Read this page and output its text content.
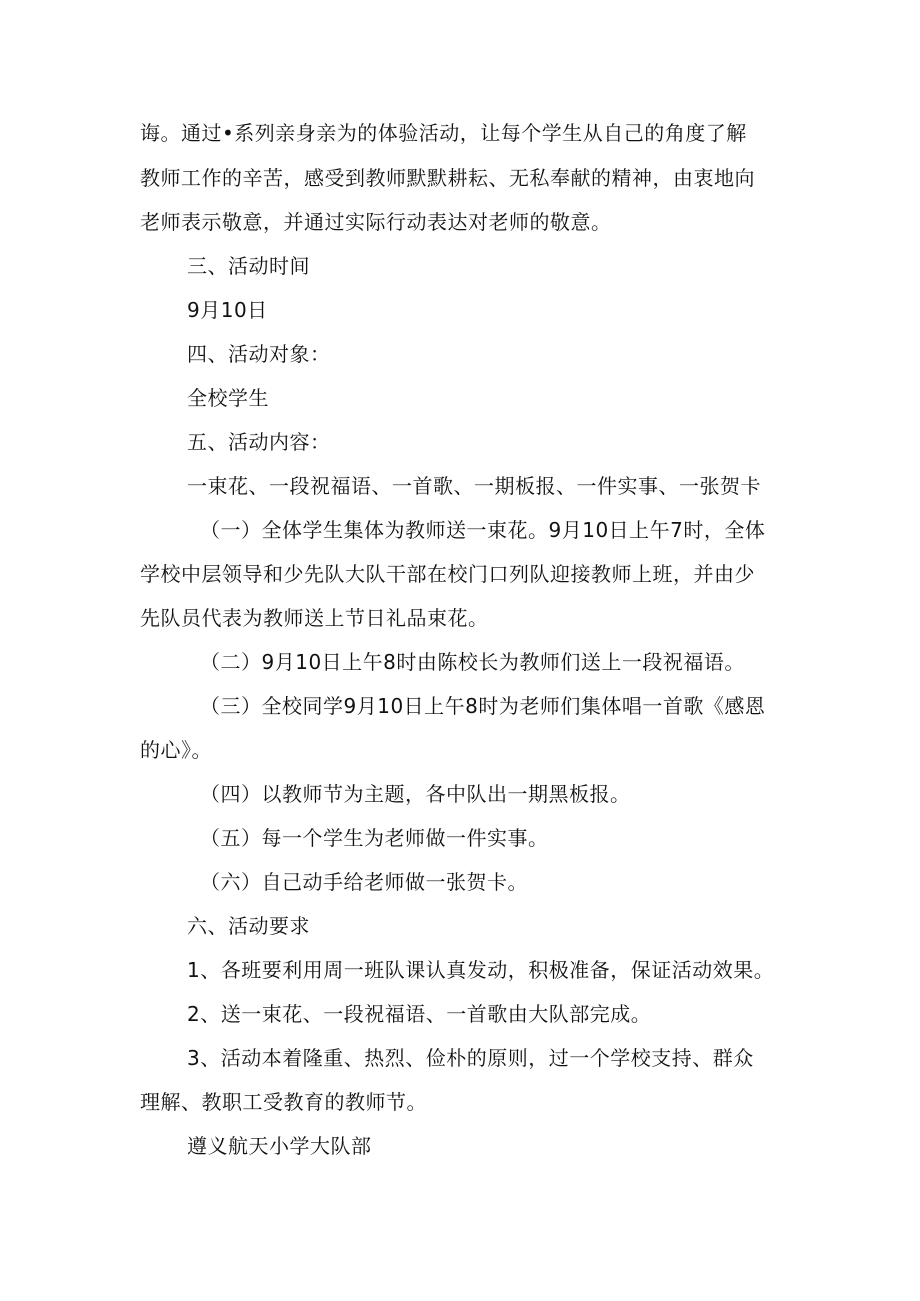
诲。通过•系列亲身亲为的体验活动，让每个学生从自己的角度了解
教师工作的辛苦，感受到教师默默耕耘、无私奉献的精神，由衷地向
老师表示敬意，并通过实际行动表达对老师的敬意。
三、活动时间
9月10日
四、活动对象：
全校学生
五、活动内容：
一束花、一段祝福语、一首歌、一期板报、一件实事、一张贺卡
（一）全体学生集体为教师送一束花。9月10日上午7时，全体
学校中层领导和少先队大队干部在校门口列队迎接教师上班，并由少
先队员代表为教师送上节日礼品束花。
（二）9月10日上午8时由陈校长为教师们送上一段祝福语。
（三）全校同学9月10日上午8时为老师们集体唱一首歌《感恩
的心》。
（四）以教师节为主题，各中队出一期黑板报。
（五）每一个学生为老师做一件实事。
（六）自己动手给老师做一张贺卡。
六、活动要求
1、各班要利用周一班队课认真发动，积极准备，保证活动效果。
2、送一束花、一段祝福语、一首歌由大队部完成。
3、活动本着隆重、热烈、俭朴的原则，过一个学校支持、群众
理解、教职工受教育的教师节。
遵义航天小学大队部
